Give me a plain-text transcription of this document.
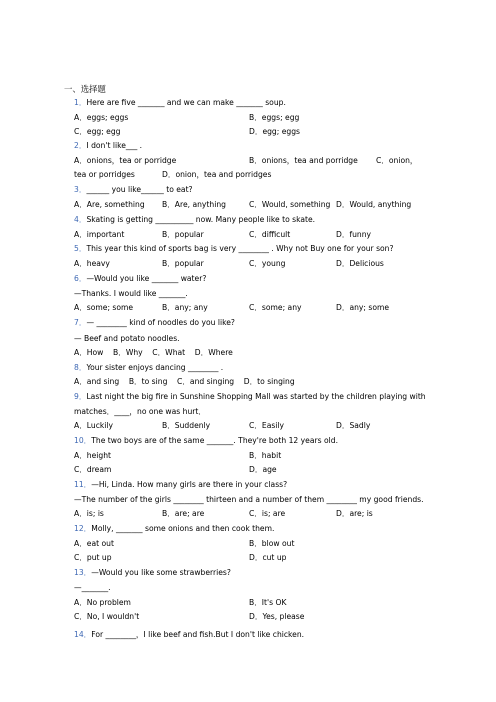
一、选择题
1．Here are five _______ and we can make _______ soup.
A．eggs; eggs	B．eggs; egg
C．egg; egg	D．egg; eggs
2．I don't like___ .
A．onions，tea or porridge	B．onions，tea and porridge C．onion，
tea or porridges	D．onion，tea and porridges
3．______ you like______ to eat?
A．Are, something B．Are, anything	C．Would, something D．Would, anything
4．Skating is getting __________ now. Many people like to skate.
A．important	B．popular	C．difficult	D．funny
5．This year this kind of sports bag is very ________ . Why not Buy one for your son?
A．heavy	B．popular	C．young	D．Delicious
6．—Would you like _______ water?
—Thanks. I would like _______.
A．some; some	B．any; any	C．some; any	D．any; some
7．— ________ kind of noodles do you like?
— Beef and potato noodles.
A．How    B．Why    C．What    D．Where
8．Your sister enjoys dancing ________ .
A．and sing    B．to sing    C．and singing    D．to singing
9．Last night the big fire in Sunshine Shopping Mall was started by the children playing with
matches．____，no one was hurt．
A．Luckily	B．Suddenly	C．Easily	D．Sadly
10．The two boys are of the same _______. They're both 12 years old.
A．height	B．habit
C．dream	D．age
11．—Hi, Linda. How many girls are there in your class?
—The number of the girls ________ thirteen and a number of them ________ my good friends.
A．is; is	B．are; are	C．is; are	D．are; is
12．Molly, _______ some onions and then cook them.
A．eat out	B．blow out
C．put up	D．cut up
13．—Would you like some strawberries?
—_______.
A．No problem	B．It's OK
C．No, I wouldn't	D．Yes, please
14．For ________，I like beef and fish.But I don't like chicken.
